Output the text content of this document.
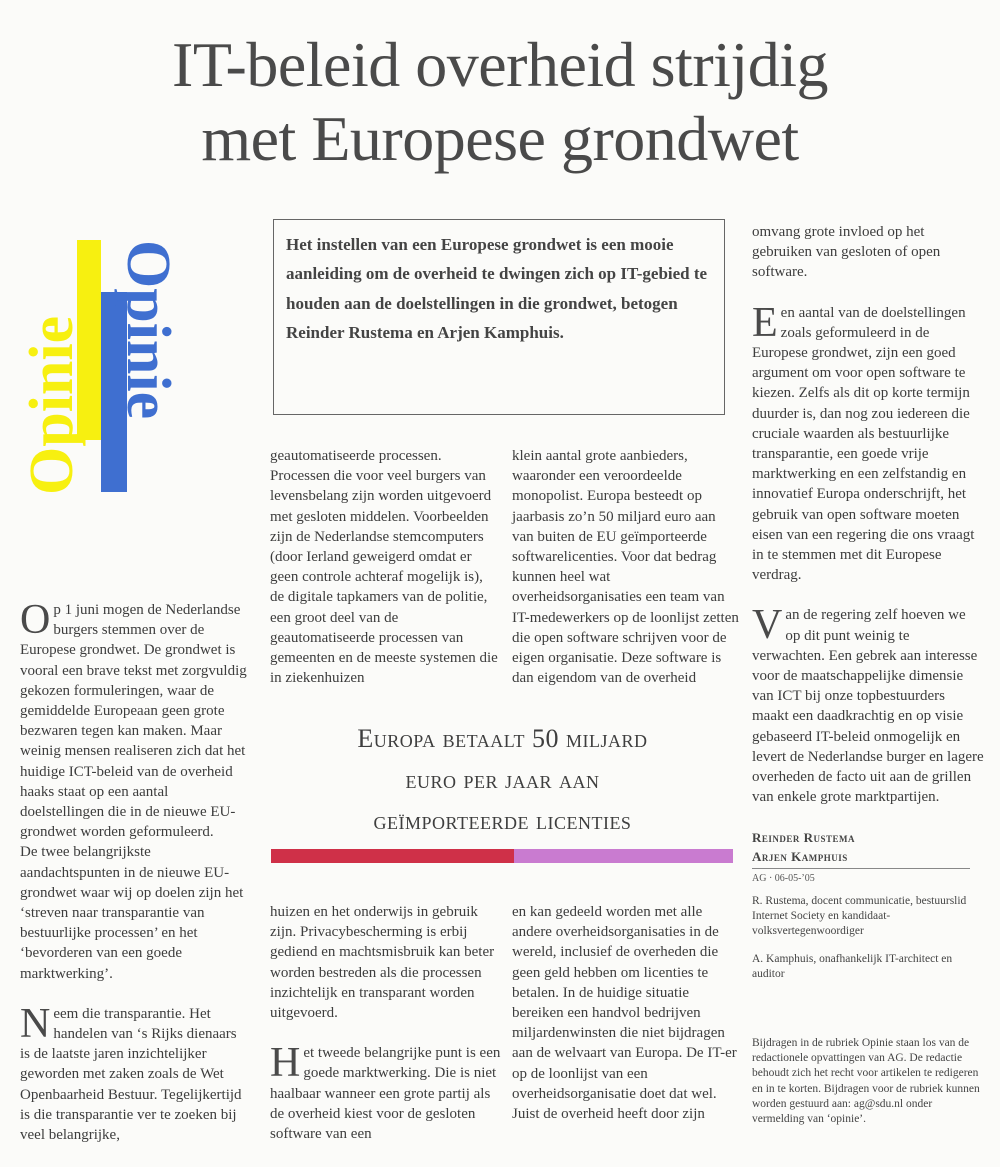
IT-beleid overheid strijdig
met Europese grondwet
Opinie Opinie	Het instellen van een Europese grondwet is een mooie aanleiding om de overheid te dwingen zich op IT-gebied te houden aan de doelstellingen in die grondwet, betogen Reinder Rustema en Arjen Kamphuis.

Op 1 juni mogen de Nederlandse burgers stemmen over de Europese grondwet. De grondwet is vooral een brave tekst met zorgvuldig gekozen formuleringen, waar de gemiddelde Europeaan geen grote bezwaren tegen kan maken. Maar weinig mensen realiseren zich dat het huidige ICT-beleid van de overheid haaks staat op een aantal doelstellingen die in de nieuwe EU-grondwet worden geformuleerd.

De twee belangrijkste aandachtspunten in de nieuwe EU-grondwet waar wij op doelen zijn het ‘streven naar transparantie van bestuurlijke processen’ en het ‘bevorderen van een goede marktwerking’.

Neem die transparantie. Het handelen van ‘s Rijks dienaars is de laatste jaren inzichtelijker geworden met zaken zoals de Wet Openbaarheid Bestuur. Tegelijkertijd is die transparantie ver te zoeken bij veel belangrijke,

geautomatiseerde processen. Processen die voor veel burgers van levensbelang zijn worden uitgevoerd met gesloten middelen. Voorbeelden zijn de Nederlandse stemcomputers (door Ierland geweigerd omdat er geen controle achteraf mogelijk is), de digitale tapkamers van de politie, een groot deel van de geautomatiseerde processen van gemeenten en de meeste systemen die in ziekenhuizen

klein aantal grote aanbieders, waaronder een veroordeelde monopolist. Europa besteedt op jaarbasis zo’n 50 miljard euro aan van buiten de EU geïmporteerde softwarelicenties. Voor dat bedrag kunnen heel wat overheidsorganisaties een team van IT-medewerkers op de loonlijst zetten die open software schrijven voor de eigen organisatie. Deze software is dan eigendom van de overheid

Europa betaalt 50 miljard
euro per jaar aan
geïmporteerde licenties

huizen en het onderwijs in gebruik zijn. Privacybescherming is erbij gediend en machtsmisbruik kan beter worden bestreden als die processen inzichtelijk en transparant worden uitgevoerd.

Het tweede belangrijke punt is een goede marktwerking. Die is niet haalbaar wanneer een grote partij als de overheid kiest voor de gesloten software van een

en kan gedeeld worden met alle andere overheidsorganisaties in de wereld, inclusief de overheden die geen geld hebben om licenties te betalen. In de huidige situatie bereiken een handvol bedrijven miljardenwinsten die niet bijdragen aan de welvaart van Europa. De IT-er op de loonlijst van een overheidsorganisatie doet dat wel.

Juist de overheid heeft door zijn

omvang grote invloed op het gebruiken van gesloten of open software.

Een aantal van de doelstellingen zoals geformuleerd in de Europese grondwet, zijn een goed argument om voor open software te kiezen. Zelfs als dit op korte termijn duurder is, dan nog zou iedereen die cruciale waarden als bestuurlijke transparantie, een goede vrije marktwerking en een zelfstandig en innovatief Europa onderschrijft, het gebruik van open software moeten eisen van een regering die ons vraagt in te stemmen met dit Europese verdrag.

Van de regering zelf hoeven we op dit punt weinig te verwachten. Een gebrek aan interesse voor de maatschappelijke dimensie van ICT bij onze topbestuurders maakt een daadkrachtig en op visie gebaseerd IT-beleid onmogelijk en levert de Nederlandse burger en lagere overheden de facto uit aan de grillen van enkele grote marktpartijen.

Reinder Rustema
Arjen Kamphuis
AG · 06-05-’05
R. Rustema, docent communicatie, bestuurslid Internet Society en kandidaat-volksvertegenwoordiger
A. Kamphuis, onafhankelijk IT-architect en auditor
Bijdragen in de rubriek Opinie staan los van de redactionele opvattingen van AG. De redactie behoudt zich het recht voor artikelen te redigeren en in te korten. Bijdragen voor de rubriek kunnen worden gestuurd aan: ag@sdu.nl onder vermelding van ‘opinie’.
